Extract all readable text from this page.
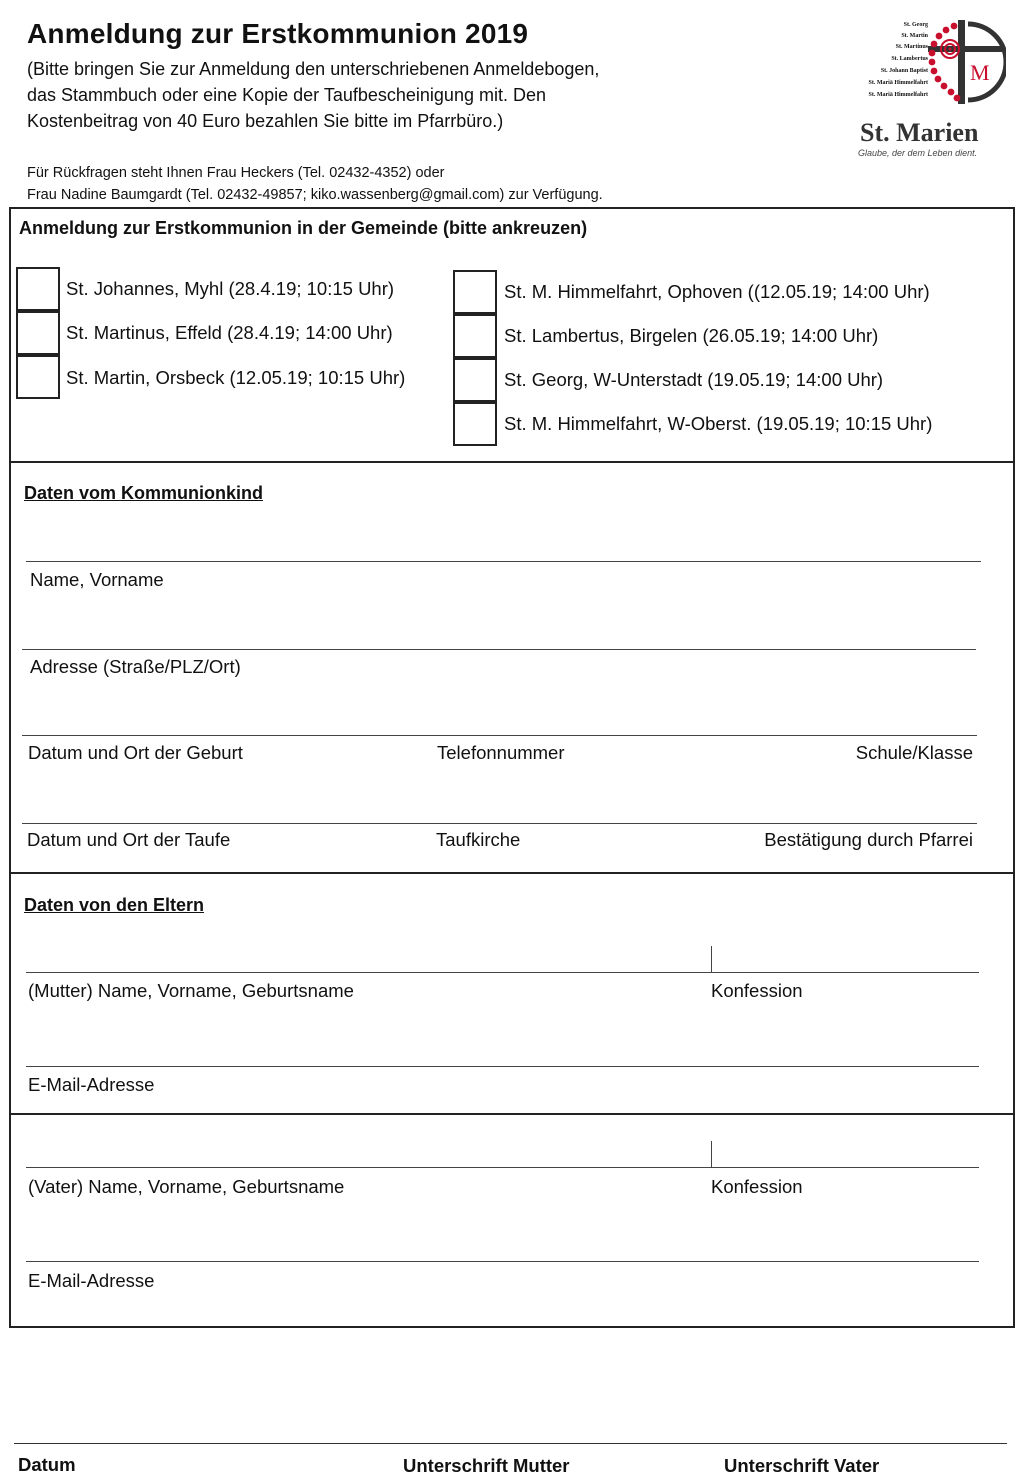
Anmeldung zur Erstkommunion 2019
(Bitte bringen Sie zur Anmeldung den unterschriebenen Anmeldebogen,
das Stammbuch oder eine Kopie der Taufbescheinigung mit. Den
Kostenbeitrag von 40 Euro bezahlen Sie bitte im Pfarrbüro.)
Für Rückfragen steht Ihnen Frau Heckers (Tel. 02432-4352) oder
Frau Nadine Baumgardt (Tel. 02432-49857; kiko.wassenberg@gmail.com) zur Verfügung.
St. Georg
St. Martin
St. Martinus
St. Lambertus
St. Johann Baptist
St. Mariä Himmelfahrt
St. Mariä Himmelfahrt
M
St. Marien
Glaube, der dem Leben dient.
Anmeldung zur Erstkommunion in der Gemeinde (bitte ankreuzen)
St. Johannes, Myhl (28.4.19; 10:15 Uhr)
St. Martinus, Effeld (28.4.19; 14:00 Uhr)
St. Martin, Orsbeck (12.05.19; 10:15 Uhr)
St. M. Himmelfahrt, Ophoven ((12.05.19; 14:00 Uhr)
St. Lambertus, Birgelen (26.05.19; 14:00 Uhr)
St. Georg, W-Unterstadt (19.05.19; 14:00 Uhr)
St. M. Himmelfahrt, W-Oberst. (19.05.19; 10:15 Uhr)
Daten vom Kommunionkind
Name, Vorname
Adresse (Straße/PLZ/Ort)
Datum und Ort der Geburt	Telefonnummer	Schule/Klasse
Datum und Ort der Taufe	Taufkirche	Bestätigung durch Pfarrei
Daten von den Eltern
(Mutter) Name, Vorname, Geburtsname	Konfession
E-Mail-Adresse
(Vater) Name, Vorname, Geburtsname	Konfession
E-Mail-Adresse
Datum	Unterschrift Mutter	Unterschrift Vater
